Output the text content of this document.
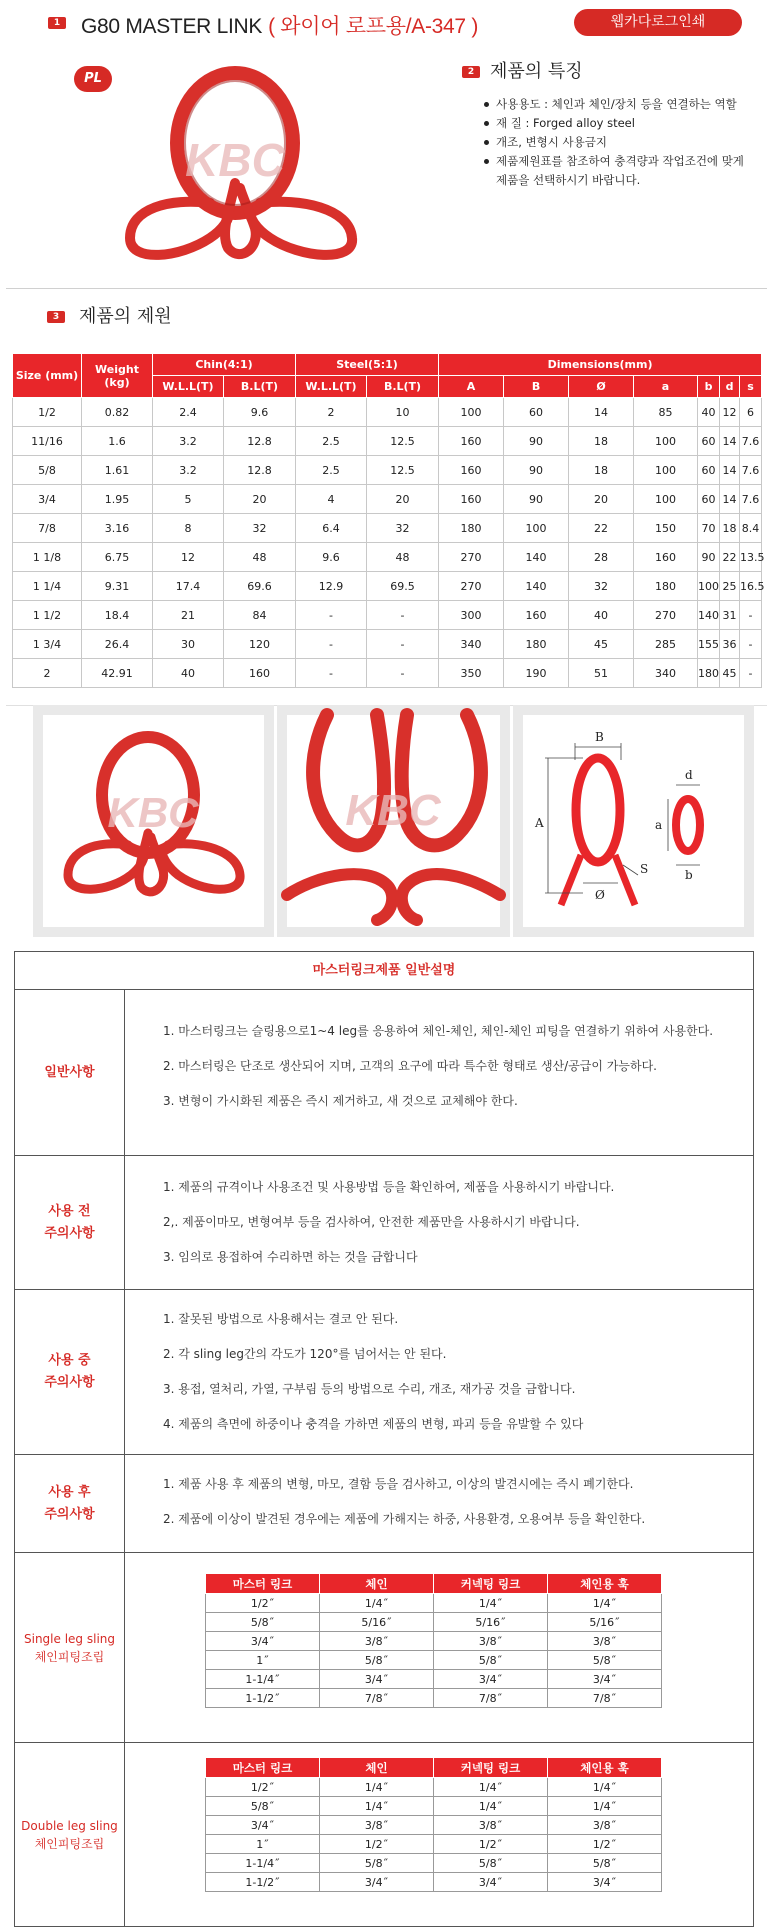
1 G80 MASTER LINK ( 와이어 로프용/A-347 )	웹카다로그인쇄
PL
KBC
2 제품의 특징
사용용도 : 체인과 체인/장치 등을 연결하는 역할
재 질 : Forged alloy steel
개조, 변형시 사용금지
제품제원표를 참조하여 충격량과 작업조건에 맞게
제품을 선택하시기 바랍니다.
3 제품의 제원
Size (mm)	Weight (kg)	Chin(4:1)		Steel(5:1)		Dimensions(mm)						
		W.L.L(T)	B.L(T)	W.L.L(T)	B.L(T)	A	B	Ø	a	b	d	s
1/2	0.82	2.4	9.6	2	10	100	60	14	85	40	12	6
11/16	1.6	3.2	12.8	2.5	12.5	160	90	18	100	60	14	7.6
5/8	1.61	3.2	12.8	2.5	12.5	160	90	18	100	60	14	7.6
3/4	1.95	5	20	4	20	160	90	20	100	60	14	7.6
7/8	3.16	8	32	6.4	32	180	100	22	150	70	18	8.4
1 1/8	6.75	12	48	9.6	48	270	140	28	160	90	22	13.5
1 1/4	9.31	17.4	69.6	12.9	69.5	270	140	32	180	100	25	16.5
1 1/2	18.4	21	84	-	-	300	160	40	270	140	31	-
1 3/4	26.4	30	120	-	-	340	180	45	285	155	36	-
2	42.91	40	160	-	-	350	190	51	340	180	45	-
KBC	KBC
B
A	a
d
b
S
Ø
마스터링크제품 일반설명
일반사항

1. 마스터링크는 슬링용으로1~4 leg를 응용하여 체인-체인, 체인-체인 피팅을 연결하기 위하여 사용한다.

2. 마스터링은 단조로 생산되어 지며, 고객의 요구에 따라 특수한 형태로 생산/공급이 가능하다.

3. 변형이 가시화된 제품은 즉시 제거하고, 새 것으로 교체해야 한다.

사용 전
주의사항

1. 제품의 규격이나 사용조건 및 사용방법 등을 확인하여, 제품을 사용하시기 바랍니다.

2,. 제품이마모, 변형여부 등을 검사하여, 안전한 제품만을 사용하시기 바랍니다.

3. 임의로 용접하여 수리하면 하는 것을 금합니다

사용 중
주의사항

1. 잘못된 방법으로 사용해서는 결코 안 된다.

2. 각 sling leg간의 각도가 120°를 넘어서는 안 된다.

3. 용접, 열처리, 가열, 구부림 등의 방법으로 수리, 개조, 재가공 것을 금합니다.

4. 제품의 측면에 하중이나 충격을 가하면 제품의 변형, 파괴 등을 유발할 수 있다

사용 후
주의사항

1. 제품 사용 후 제품의 변형, 마모, 결함 등을 검사하고, 이상의 발견시에는 즉시 폐기한다.

2. 제품에 이상이 발견된 경우에는 제품에 가해지는 하중, 사용환경, 오용여부 등을 확인한다.

Single leg sling
체인피팅조립
마스터 링크	체인	커넥팅 링크	체인용 훅
1/2˝	1/4˝	1/4˝	1/4˝
5/8˝	5/16˝	5/16˝	5/16˝
3/4˝	3/8˝	3/8˝	3/8˝
1˝	5/8˝	5/8˝	5/8˝
1-1/4˝	3/4˝	3/4˝	3/4˝
1-1/2˝	7/8˝	7/8˝	7/8˝
Double leg sling
체인피팅조립
마스터 링크	체인	커넥팅 링크	체인용 훅
1/2˝	1/4˝	1/4˝	1/4˝
5/8˝	1/4˝	1/4˝	1/4˝
3/4˝	3/8˝	3/8˝	3/8˝
1˝	1/2˝	1/2˝	1/2˝
1-1/4˝	5/8˝	5/8˝	5/8˝
1-1/2˝	3/4˝	3/4˝	3/4˝
